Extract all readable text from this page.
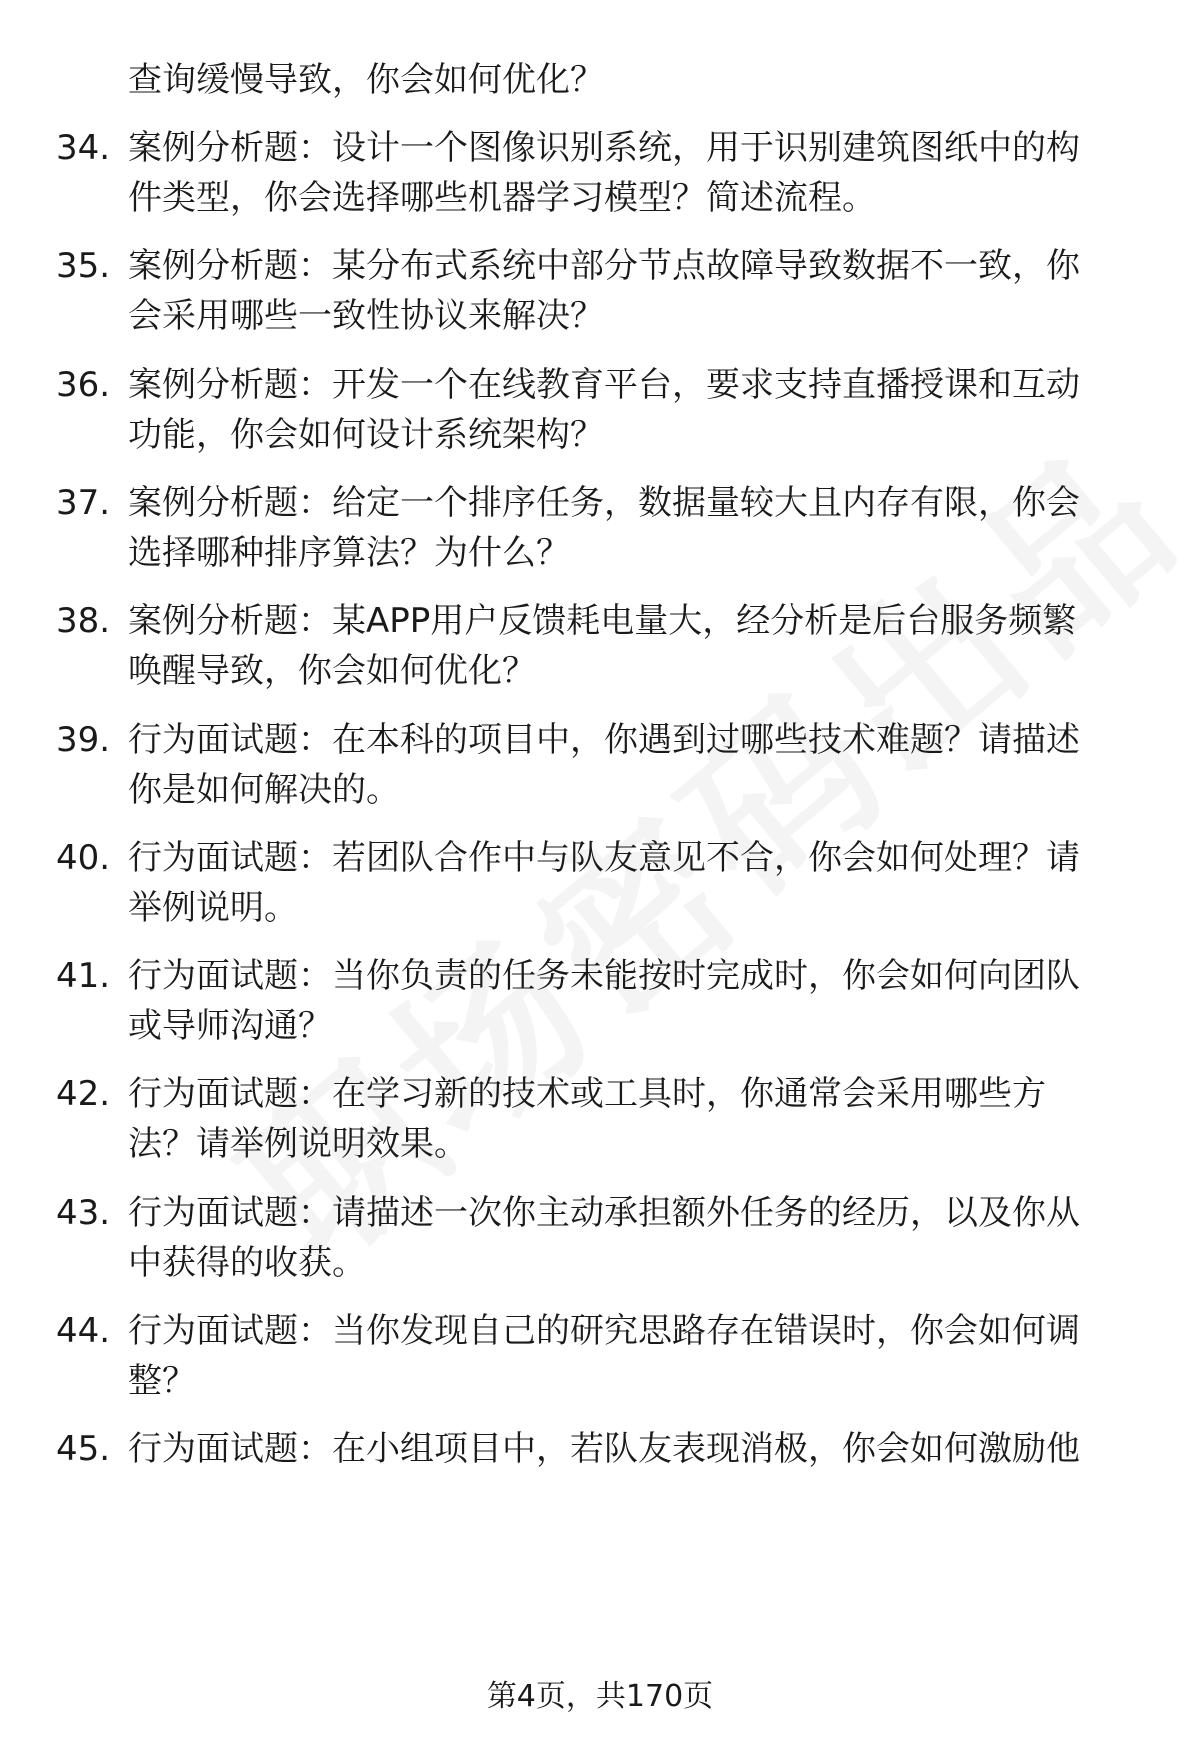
查询缓慢导致，你会如何优化？
34. 案例分析题：设计一个图像识别系统，用于识别建筑图纸中的构
件类型，你会选择哪些机器学习模型？简述流程。
35. 案例分析题：某分布式系统中部分节点故障导致数据不一致，你
会采用哪些一致性协议来解决？
36. 案例分析题：开发一个在线教育平台，要求支持直播授课和互动
功能，你会如何设计系统架构？
37. 案例分析题：给定一个排序任务，数据量较大且内存有限，你会
选择哪种排序算法？为什么？
38. 案例分析题：某APP用户反馈耗电量大，经分析是后台服务频繁
唤醒导致，你会如何优化？
39. 行为面试题：在本科的项目中，你遇到过哪些技术难题？请描述
你是如何解决的。
40. 行为面试题：若团队合作中与队友意见不合，你会如何处理？请
举例说明。
41. 行为面试题：当你负责的任务未能按时完成时，你会如何向团队
或导师沟通？
42. 行为面试题：在学习新的技术或工具时，你通常会采用哪些方
法？请举例说明效果。
43. 行为面试题：请描述一次你主动承担额外任务的经历，以及你从
中获得的收获。
44. 行为面试题：当你发现自己的研究思路存在错误时，你会如何调
整？
45. 行为面试题：在小组项目中，若队友表现消极，你会如何激励他
第4页，共170页
